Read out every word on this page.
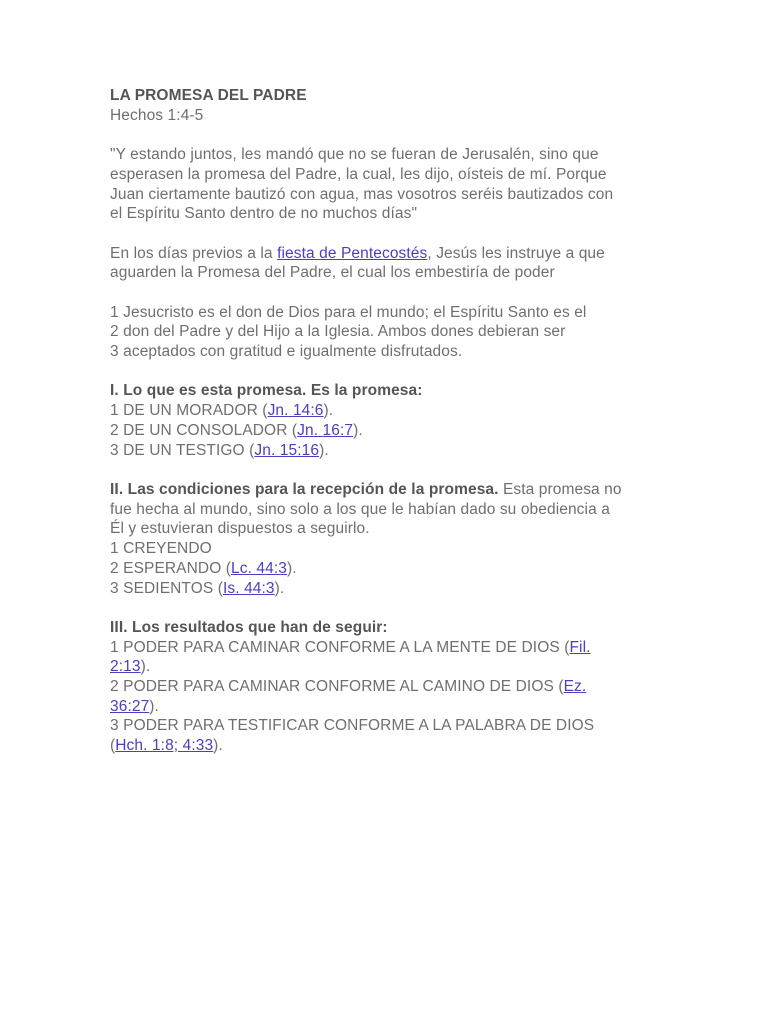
LA PROMESA DEL PADRE

Hechos 1:4-5

"Y estando juntos, les mandó que no se fueran de Jerusalén, sino que
esperasen la promesa del Padre, la cual, les dijo, oísteis de mí. Porque
Juan ciertamente bautizó con agua, mas vosotros seréis bautizados con
el Espíritu Santo dentro de no muchos días"
En los días previos a la fiesta de Pentecostés, Jesús les instruye a que
aguarden la Promesa del Padre, el cual los embestiría de poder
1 Jesucristo es el don de Dios para el mundo; el Espíritu Santo es el
2 don del Padre y del Hijo a la Iglesia. Ambos dones debieran ser
3 aceptados con gratitud e igualmente disfrutados.
I. Lo que es esta promesa. Es la promesa:
1 DE UN MORADOR (Jn. 14:6).
2 DE UN CONSOLADOR (Jn. 16:7).
3 DE UN TESTIGO (Jn. 15:16).
II. Las condiciones para la recepción de la promesa. Esta promesa no
fue hecha al mundo, sino solo a los que le habían dado su obediencia a
Él y estuvieran dispuestos a seguirlo.
1 CREYENDO
2 ESPERANDO (Lc. 44:3).
3 SEDIENTOS (Is. 44:3).
III. Los resultados que han de seguir:
1 PODER PARA CAMINAR CONFORME A LA MENTE DE DIOS (Fil.
2:13).
2 PODER PARA CAMINAR CONFORME AL CAMINO DE DIOS (Ez.
36:27).
3 PODER PARA TESTIFICAR CONFORME A LA PALABRA DE DIOS
(Hch. 1:8; 4:33).
